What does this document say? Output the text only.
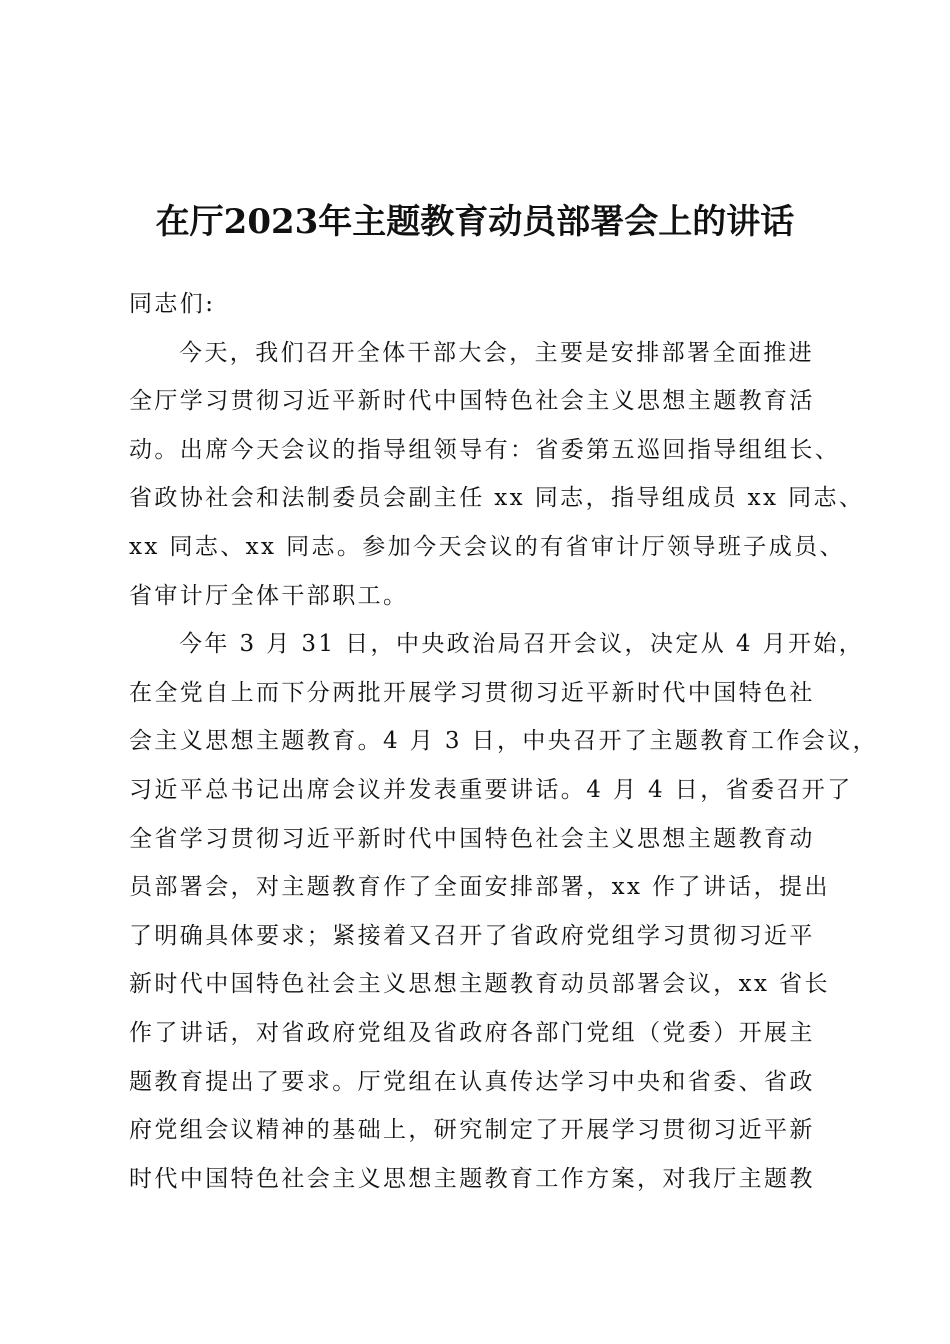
在厅2023年主题教育动员部署会上的讲话
同志们:
今天，我们召开全体干部大会，主要是安排部署全面推进
全厅学习贯彻习近平新时代中国特色社会主义思想主题教育活
动。出席今天会议的指导组领导有：省委第五巡回指导组组长、
省政协社会和法制委员会副主任 xx 同志，指导组成员 xx 同志、
xx 同志、xx 同志。参加今天会议的有省审计厅领导班子成员、
省审计厅全体干部职工。
今年 3 月 31 日，中央政治局召开会议，决定从 4 月开始，
在全党自上而下分两批开展学习贯彻习近平新时代中国特色社
会主义思想主题教育。4 月 3 日，中央召开了主题教育工作会议，
习近平总书记出席会议并发表重要讲话。4 月 4 日，省委召开了
全省学习贯彻习近平新时代中国特色社会主义思想主题教育动
员部署会，对主题教育作了全面安排部署，xx 作了讲话，提出
了明确具体要求；紧接着又召开了省政府党组学习贯彻习近平
新时代中国特色社会主义思想主题教育动员部署会议，xx 省长
作了讲话，对省政府党组及省政府各部门党组（党委）开展主
题教育提出了要求。厅党组在认真传达学习中央和省委、省政
府党组会议精神的基础上，研究制定了开展学习贯彻习近平新
时代中国特色社会主义思想主题教育工作方案，对我厅主题教
